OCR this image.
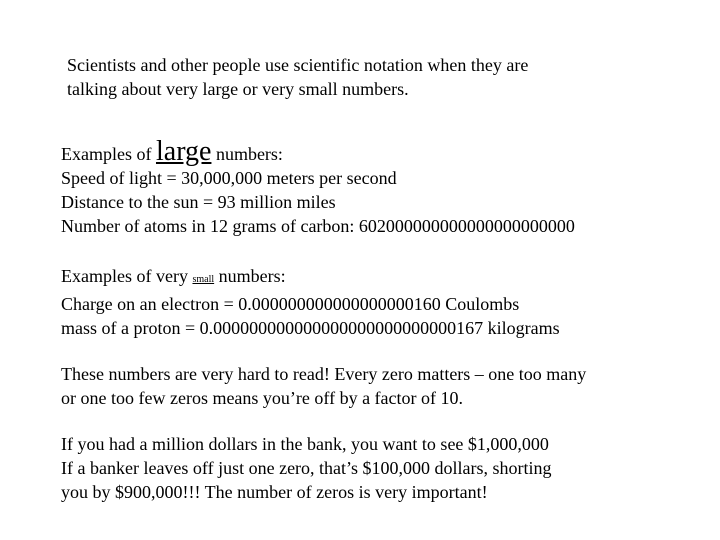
Scientists and other people use scientific notation when they are
talking about very large or very small numbers.
Examples of large numbers:
Speed of light = 30,000,000 meters per second
Distance to the sun = 93 million miles
Number of atoms in 12 grams of carbon: 602000000000000000000000
Examples of very small numbers:
Charge on an electron = 0.000000000000000000160 Coulombs
mass of a proton = 0.000000000000000000000000000167 kilograms
These numbers are very hard to read! Every zero matters – one too many
or one too few zeros means you’re off by a factor of 10.
If you had a million dollars in the bank, you want to see $1,000,000
If a banker leaves off just one zero, that’s $100,000 dollars, shorting
you by $900,000!!! The number of zeros is very important!
